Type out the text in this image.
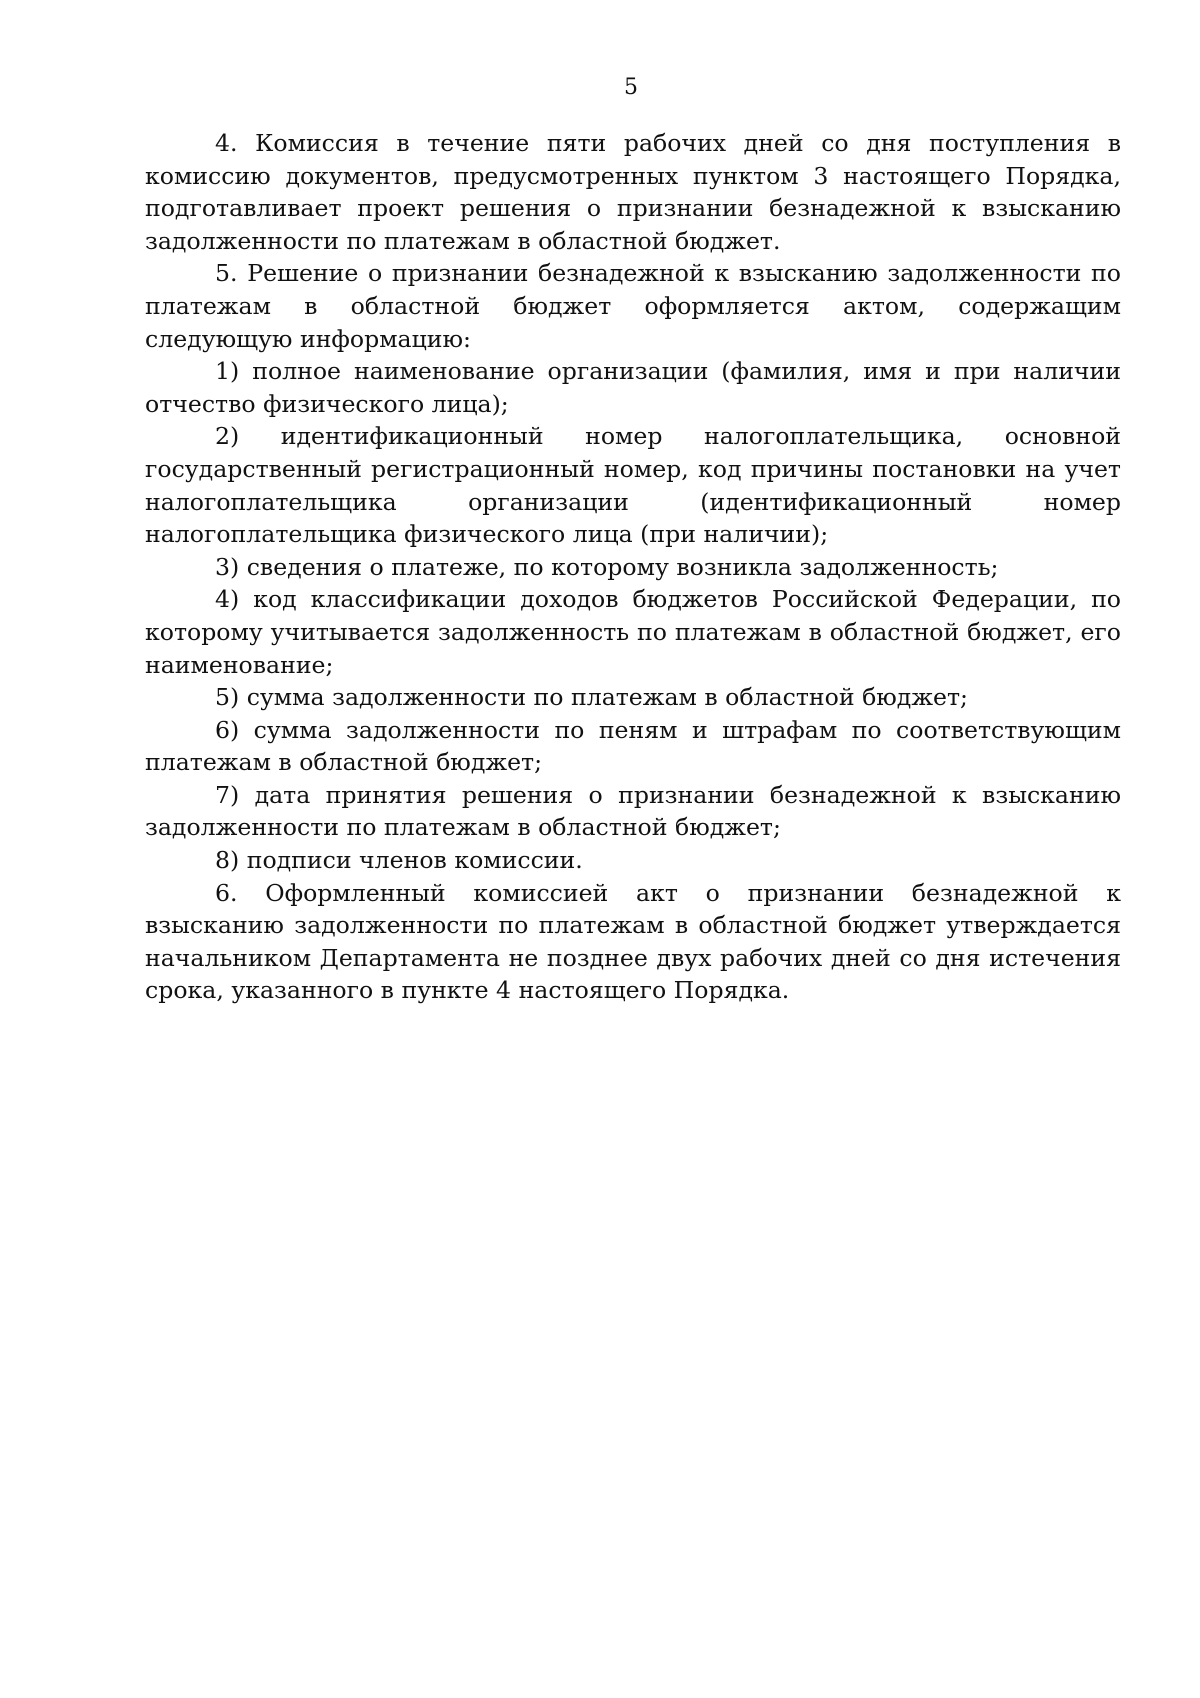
5

4. Комиссия в течение пяти рабочих дней со дня поступления в комиссию документов, предусмотренных пунктом 3 настоящего Порядка, подготавливает проект решения о признании безнадежной к взысканию задолженности по платежам в областной бюджет.

5. Решение о признании безнадежной к взысканию задолженности по платежам в областной бюджет оформляется актом, содержащим следующую информацию:

1) полное наименование организации (фамилия, имя и при наличии отчество физического лица);

2) идентификационный номер налогоплательщика, основной государственный регистрационный номер, код причины постановки на учет налогоплательщика организации (идентификационный номер налогоплательщика физического лица (при наличии);

3) сведения о платеже, по которому возникла задолженность;

4) код классификации доходов бюджетов Российской Федерации, по которому учитывается задолженность по платежам в областной бюджет, его наименование;

5) сумма задолженности по платежам в областной бюджет;

6) сумма задолженности по пеням и штрафам по соответствующим платежам в областной бюджет;

7) дата принятия решения о признании безнадежной к взысканию задолженности по платежам в областной бюджет;

8) подписи членов комиссии.

6. Оформленный комиссией акт о признании безнадежной к взысканию задолженности по платежам в областной бюджет утверждается начальником Департамента не позднее двух рабочих дней со дня истечения срока, указанного в пункте 4 настоящего Порядка.
